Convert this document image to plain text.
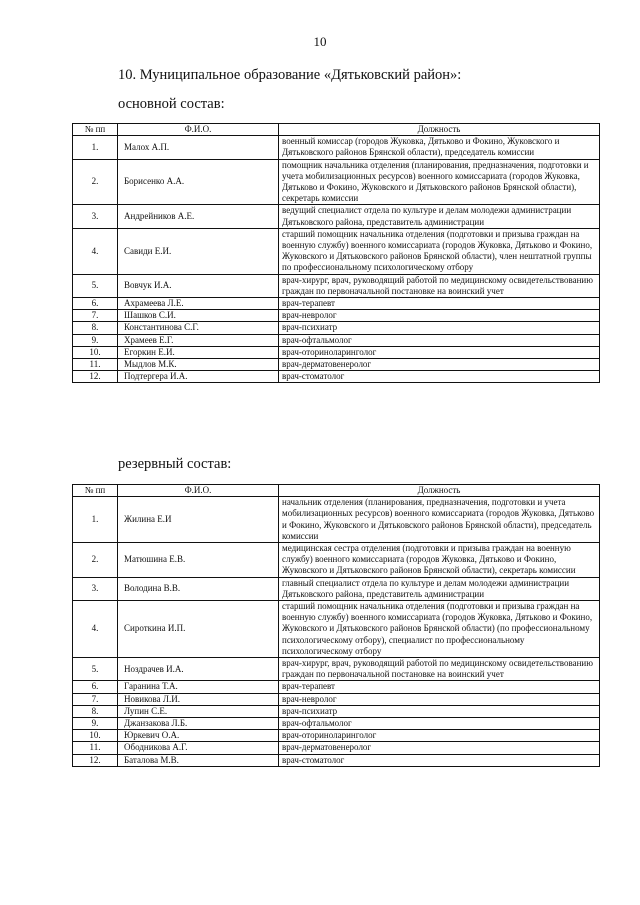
10
10. Муниципальное образование «Дятьковский район»:
основной состав:
№ пп	Ф.И.О.	Должность
1.	Малох А.П.	военный комиссар (городов Жуковка, Дятьково и Фокино, Жуковского и Дятьковского районов Брянской области), председатель комиссии
2.	Борисенко А.А.	помощник начальника отделения (планирования, предназначения, подготовки и учета мобилизационных ресурсов) военного комиссариата (городов Жуковка, Дятьково и Фокино, Жуковского и Дятьковского районов Брянской области), секретарь комиссии
3.	Андрейников А.Е.	ведущий специалист отдела по культуре и делам молодежи администрации Дятьковского района, представитель администрации
4.	Савиди Е.И.	старший помощник начальника отделения (подготовки и призыва граждан на военную службу) военного комиссариата (городов Жуковка, Дятьково и Фокино, Жуковского и Дятьковского районов Брянской области), член нештатной группы по профессиональному психологическому отбору
5.	Вовчук И.А.	врач-хирург, врач, руководящий работой по медицинскому освидетельствованию граждан по первоначальной постановке на воинский учет
6.	Ахрамеева Л.Е.	врач-терапевт
7.	Шашков С.И.	врач-невролог
8.	Константинова С.Г.	врач-психиатр
9.	Храмеев Е.Г.	врач-офтальмолог
10.	Егоркин Е.И.	врач-оториноларинголог
11.	Мыдлов М.К.	врач-дерматовенеролог
12.	Подтергера И.А.	врач-стоматолог
резервный состав:
№ пп	Ф.И.О.	Должность
1.	Жилина Е.И	начальник отделения (планирования, предназначения, подготовки и учета мобилизационных ресурсов) военного комиссариата (городов Жуковка, Дятьково и Фокино, Жуковского и Дятьковского районов Брянской области), председатель комиссии
2.	Матюшина Е.В.	медицинская сестра отделения (подготовки и призыва граждан на военную службу) военного комиссариата (городов Жуковка, Дятьково и Фокино, Жуковского и Дятьковского районов Брянской области), секретарь комиссии
3.	Володина В.В.	главный специалист отдела по культуре и делам молодежи администрации Дятьковского района, представитель администрации
4.	Сироткина И.П.	старший помощник начальника отделения (подготовки и призыва граждан на военную службу) военного комиссариата (городов Жуковка, Дятьково и Фокино, Жуковского и Дятьковского районов Брянской области) (по профессиональному психологическому отбору), специалист по профессиональному психологическому отбору
5.	Ноздрачев И.А.	врач-хирург, врач, руководящий работой по медицинскому освидетельствованию граждан по первоначальной постановке на воинский учет
6.	Гаранина Т.А.	врач-терапевт
7.	Новикова Л.И.	врач-невролог
8.	Лупин С.Е.	врач-психиатр
9.	Джанзакова Л.Б.	врач-офтальмолог
10.	Юркевич О.А.	врач-оториноларинголог
11.	Ободникова А.Г.	врач-дерматовенеролог
12.	Баталова М.В.	врач-стоматолог
